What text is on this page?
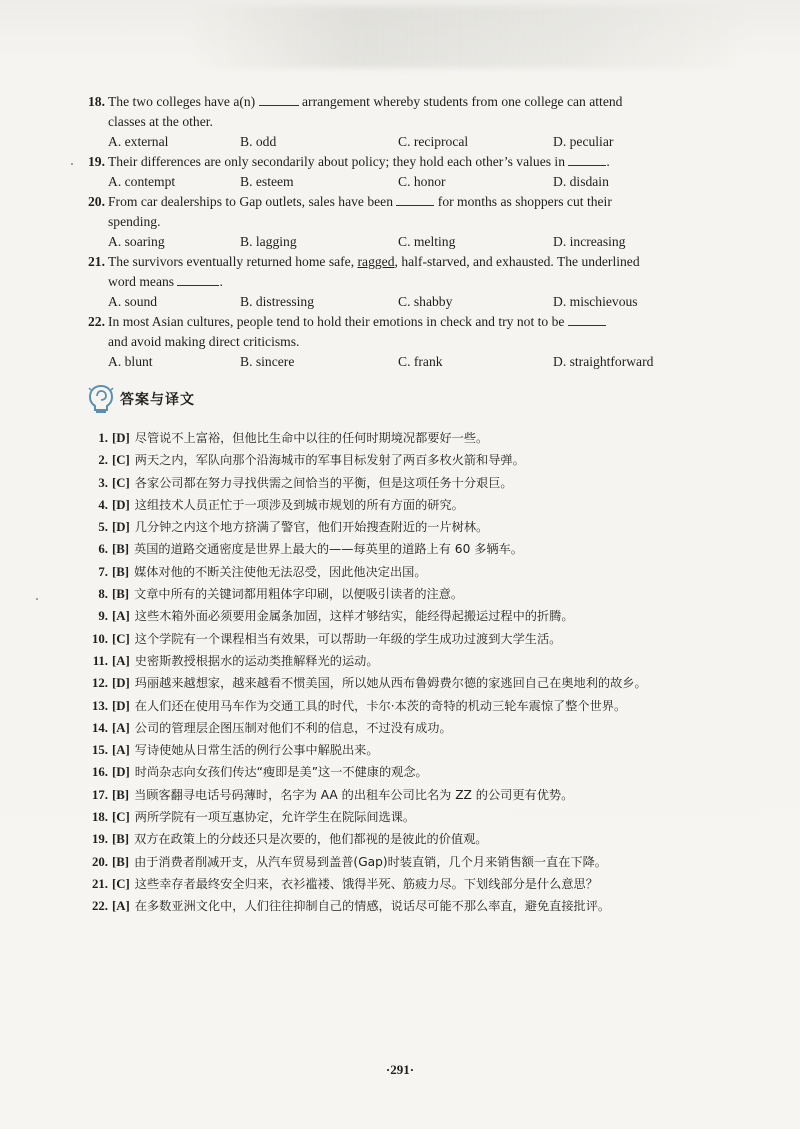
18. The two colleges have a(n)	arrangement whereby students from one college can attend
classes at the other.
A. external	B. odd	C. reciprocal	D. peculiar
19. Their differences are only secondarily about policy; they hold each other’s values in	.
A. contempt	B. esteem	C. honor	D. disdain
20. From car dealerships to Gap outlets, sales have been	for months as shoppers cut their
spending.
A. soaring	B. lagging	C. melting	D. increasing
21. The survivors eventually returned home safe, ragged, half-starved, and exhausted. The underlined
word means	.
A. sound	B. distressing	C. shabby	D. mischievous
22. In most Asian cultures, people tend to hold their emotions in check and try not to be
and avoid making direct criticisms.
A. blunt	B. sincere	C. frank	D. straightforward
答案与译文
1. [D] 尽管说不上富裕，但他比生命中以往的任何时期境况都要好一些。
2. [C] 两天之内，军队向那个沿海城市的军事目标发射了两百多枚火箭和导弹。
3. [C] 各家公司都在努力寻找供需之间恰当的平衡，但是这项任务十分艰巨。
4. [D] 这组技术人员正忙于一项涉及到城市规划的所有方面的研究。
5. [D] 几分钟之内这个地方挤满了警官，他们开始搜查附近的一片树林。
6. [B] 英国的道路交通密度是世界上最大的——每英里的道路上有 60 多辆车。
7. [B] 媒体对他的不断关注使他无法忍受，因此他决定出国。
8. [B] 文章中所有的关键词都用粗体字印刷，以便吸引读者的注意。
9. [A] 这些木箱外面必须要用金属条加固，这样才够结实，能经得起搬运过程中的折腾。
10. [C] 这个学院有一个课程相当有效果，可以帮助一年级的学生成功过渡到大学生活。
11. [A] 史密斯教授根据水的运动类推解释光的运动。
12. [D] 玛丽越来越想家，越来越看不惯美国，所以她从西布鲁姆费尔德的家逃回自己在奥地利的故乡。
13. [D] 在人们还在使用马车作为交通工具的时代，卡尔·本茨的奇特的机动三轮车震惊了整个世界。
14. [A] 公司的管理层企图压制对他们不利的信息，不过没有成功。
15. [A] 写诗使她从日常生活的例行公事中解脱出来。
16. [D] 时尚杂志向女孩们传达“瘦即是美”这一不健康的观念。
17. [B] 当顾客翻寻电话号码薄时，名字为 AA 的出租车公司比名为 ZZ 的公司更有优势。
18. [C] 两所学院有一项互惠协定，允许学生在院际间选课。
19. [B] 双方在政策上的分歧还只是次要的，他们都视的是彼此的价值观。
20. [B] 由于消费者削减开支，从汽车贸易到盖普(Gap)时装直销，几个月来销售额一直在下降。
21. [C] 这些幸存者最终安全归来，衣衫褴褛、饿得半死、筋疲力尽。下划线部分是什么意思？
22. [A] 在多数亚洲文化中，人们往往抑制自己的情感，说话尽可能不那么率直，避免直接批评。
·291·
